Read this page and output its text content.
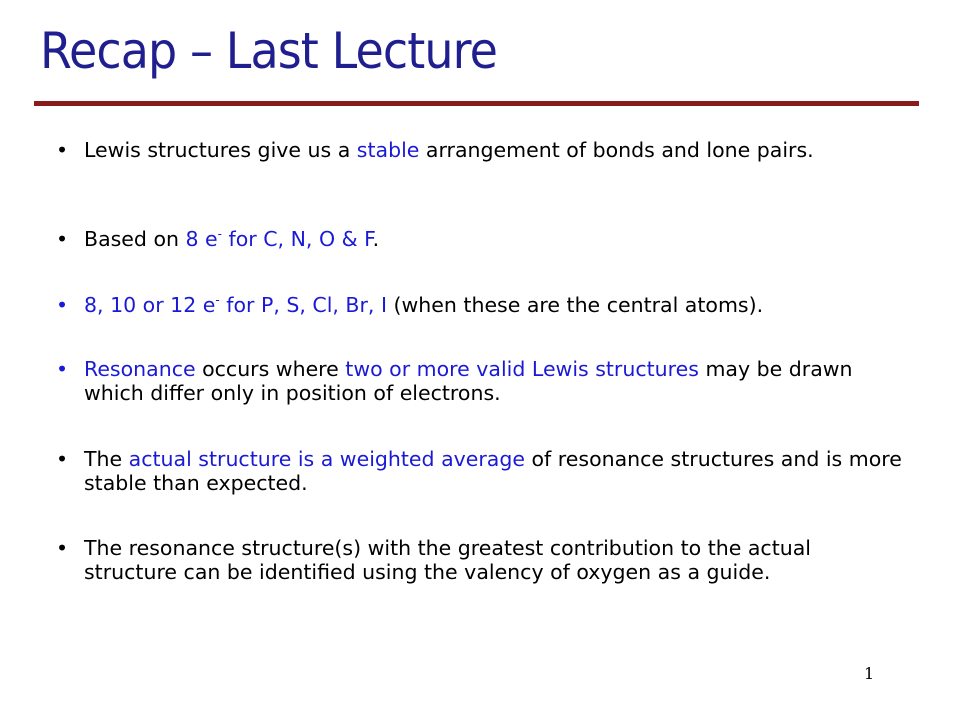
Recap – Last Lecture
• Lewis structures give us a stable arrangement of bonds and lone pairs.
• Based on 8 e- for C, N, O & F.
• 8, 10 or 12 e- for P, S, Cl, Br, I (when these are the central atoms).
• Resonance occurs where two or more valid Lewis structures may be drawn which differ only in position of electrons.
• The actual structure is a weighted average of resonance structures and is more stable than expected.
• The resonance structure(s) with the greatest contribution to the actual structure can be identified using the valency of oxygen as a guide.
1
